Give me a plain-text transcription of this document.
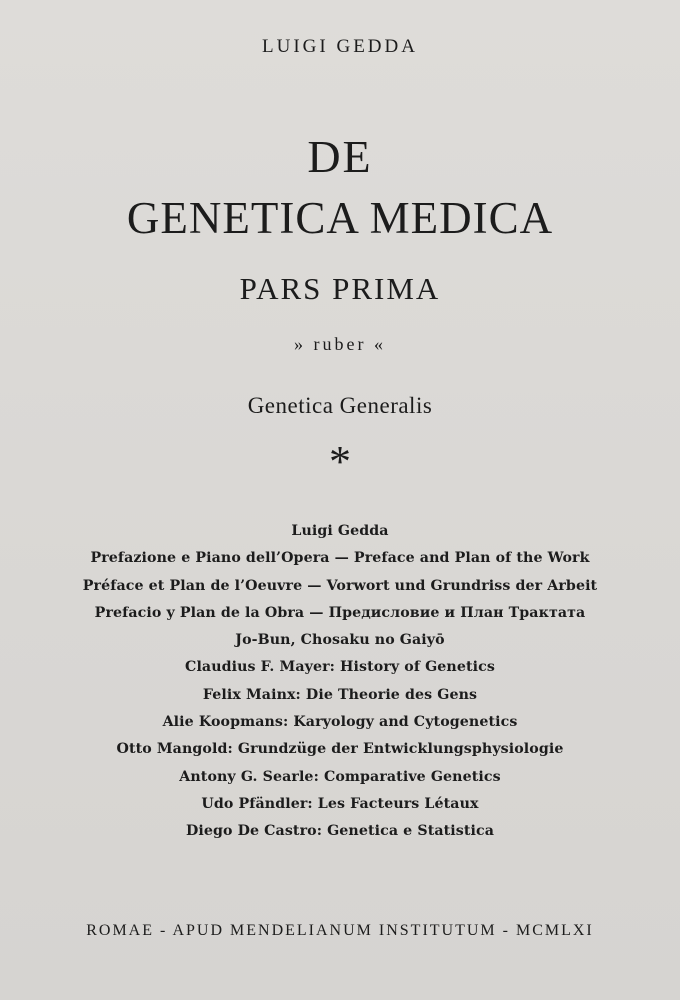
LUIGI GEDDA
DE
GENETICA MEDICA
PARS PRIMA
» ruber «
Genetica Generalis
*
Luigi Gedda
Prefazione e Piano dell’Opera — Preface and Plan of the Work
Préface et Plan de l’Oeuvre — Vorwort und Grundriss der Arbeit
Prefacio y Plan de la Obra — Предисловие и План Трактата
Jo-Bun, Chosaku no Gaiyō
Claudius F. Mayer: History of Genetics
Felix Mainx: Die Theorie des Gens
Alie Koopmans: Karyology and Cytogenetics
Otto Mangold: Grundzüge der Entwicklungsphysiologie
Antony G. Searle: Comparative Genetics
Udo Pfändler: Les Facteurs Létaux
Diego De Castro: Genetica e Statistica
ROMAE - APUD MENDELIANUM INSTITUTUM - MCMLXI
